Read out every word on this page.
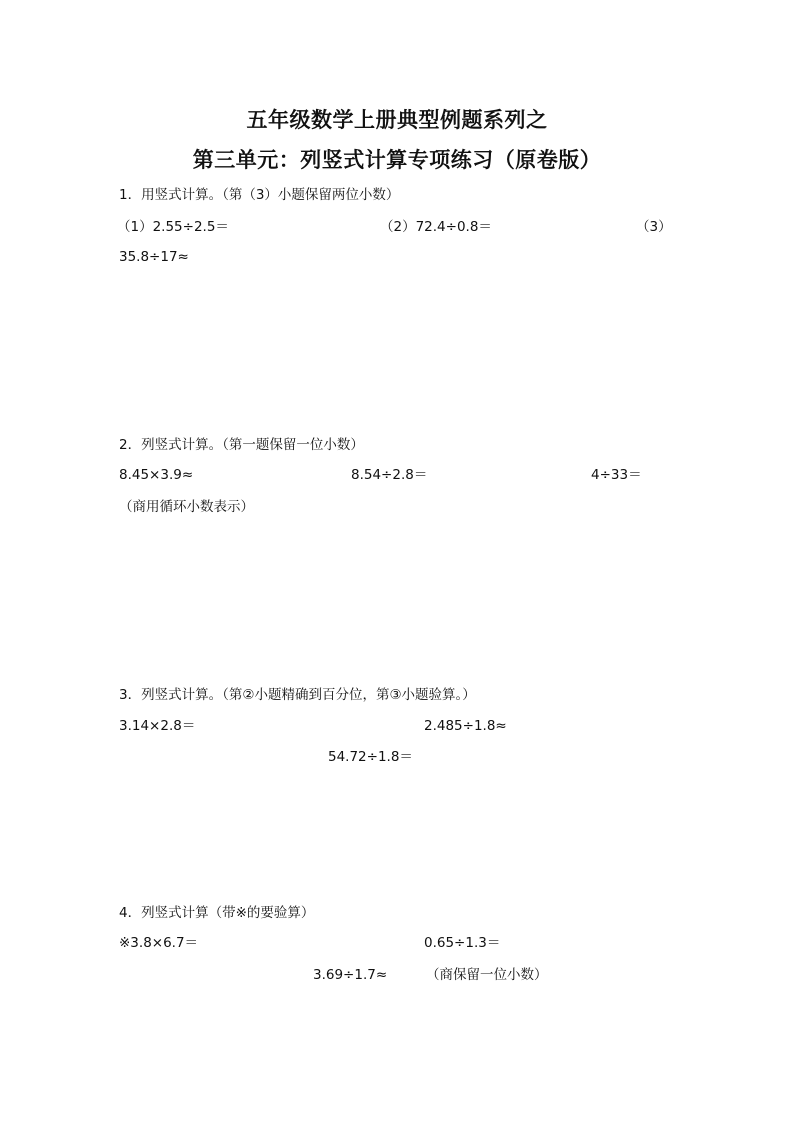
五年级数学上册典型例题系列之
第三单元：列竖式计算专项练习（原卷版）
1．用竖式计算。（第（3）小题保留两位小数）
（1）2.55÷2.5＝	（2）72.4÷0.8＝	（3）
35.8÷17≈
2．列竖式计算。（第一题保留一位小数）
8.45×3.9≈	8.54÷2.8＝	4÷33＝
（商用循环小数表示）
3．列竖式计算。（第②小题精确到百分位，第③小题验算。）
3.14×2.8＝	2.485÷1.8≈
54.72÷1.8＝
4．列竖式计算（带※的要验算）
※3.8×6.7＝	0.65÷1.3＝
3.69÷1.7≈	（商保留一位小数）
